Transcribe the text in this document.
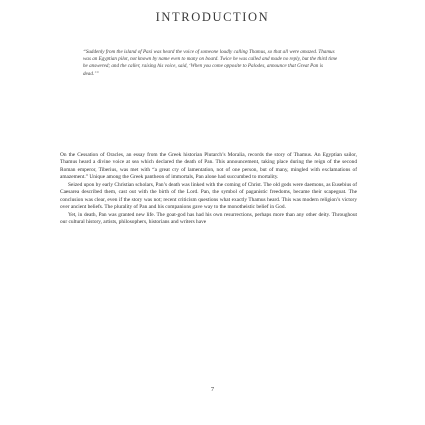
INTRODUCTION

“Suddenly from the island of Paxi was heard the voice of someone loudly calling Thamus, so that all were amazed. Thamus was an Egyptian pilot, not known by name even to many on board. Twice he was called and made no reply, but the third time he answered; and the caller, raising his voice, said, ‘When you come opposite to Palodes, announce that Great Pan is dead.’”

On the Cessation of Oracles, an essay from the Greek historian Plutarch’s Moralia, records the story of Thamus. An Egyptian sailor, Thamus heard a divine voice at sea which declared the death of Pan. This announcement, taking place during the reign of the second Roman emperor, Tiberius, was met with “a great cry of lamentation, not of one person, but of many, mingled with exclamations of amazement.” Unique among the Greek pantheon of immortals, Pan alone had succumbed to mortality.

Seized upon by early Christian scholars, Pan’s death was linked with the coming of Christ. The old gods were daemons, as Eusebius of Caesarea described them, cast out with the birth of the Lord. Pan, the symbol of paganistic freedoms, became their scapegoat. The conclusion was clear, even if the story was not; recent criticism questions what exactly Thamus heard. This was modern religion’s victory over ancient beliefs. The plurality of Pan and his companions gave way to the monotheistic belief in God.

Yet, in death, Pan was granted new life. The goat-god has had his own resurrections, perhaps more than any other deity. Throughout our cultural history, artists, philosophers, historians and writers have

7
